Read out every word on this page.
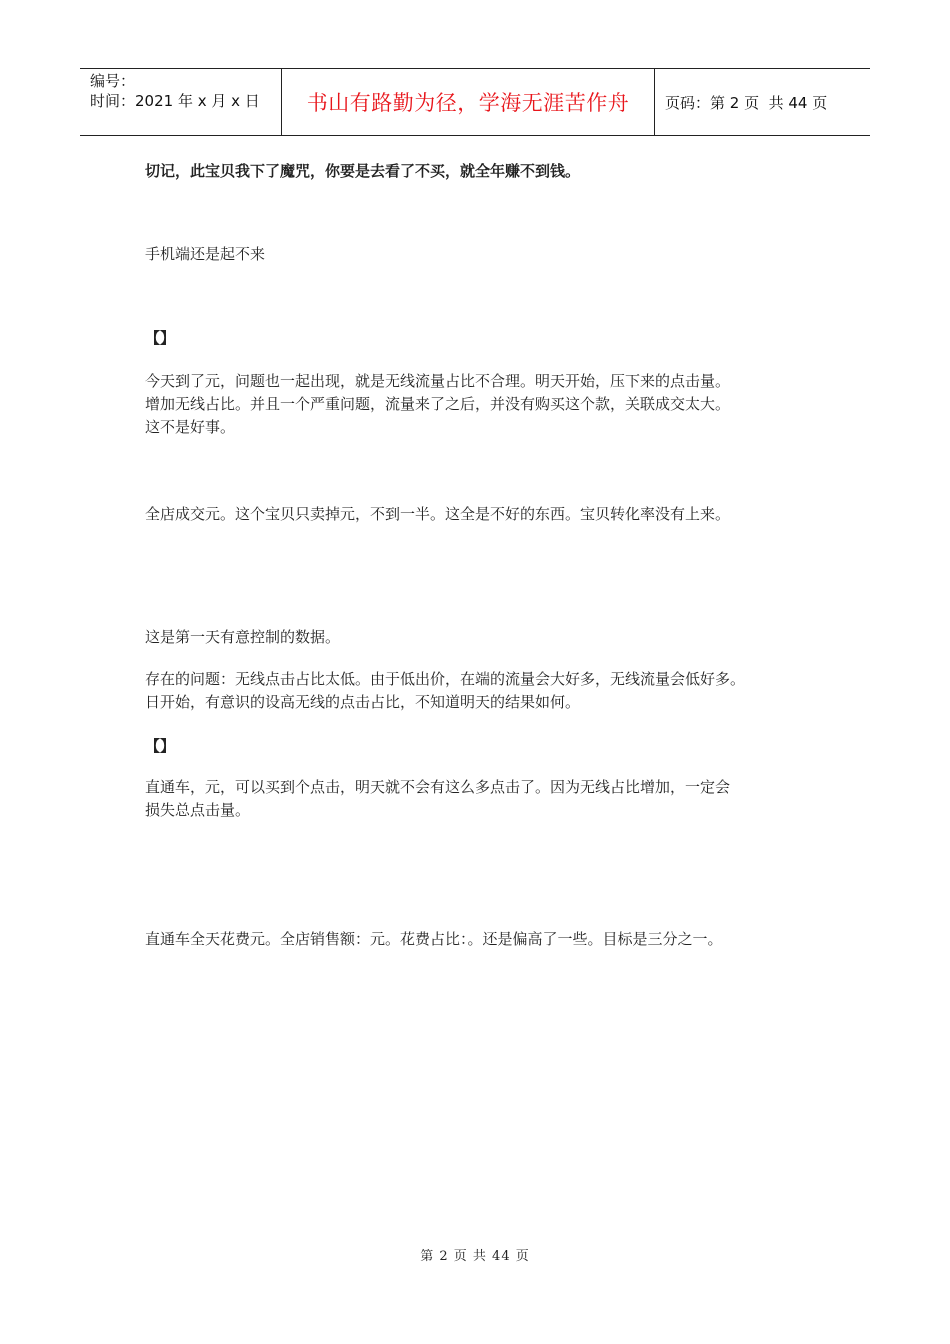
编号：
时间：2021 年 x 月 x 日	书山有路勤为径，学海无涯苦作舟 页码：第 2 页  共 44 页
切记，此宝贝我下了魔咒，你要是去看了不买，就全年赚不到钱。
手机端还是起不来
【】
今天到了元，问题也一起出现，就是无线流量占比不合理。明天开始，压下来的点击量。
增加无线占比。并且一个严重问题，流量来了之后，并没有购买这个款，关联成交太大。
这不是好事。
全店成交元。这个宝贝只卖掉元，不到一半。这全是不好的东西。宝贝转化率没有上来。
这是第一天有意控制的数据。
存在的问题：无线点击占比太低。由于低出价，在端的流量会大好多，无线流量会低好多。
日开始，有意识的设高无线的点击占比，不知道明天的结果如何。
【】
直通车，元，可以买到个点击，明天就不会有这么多点击了。因为无线占比增加，一定会
损失总点击量。
直通车全天花费元。全店销售额：元。花费占比：。还是偏高了一些。目标是三分之一。
第 2 页 共 44 页
